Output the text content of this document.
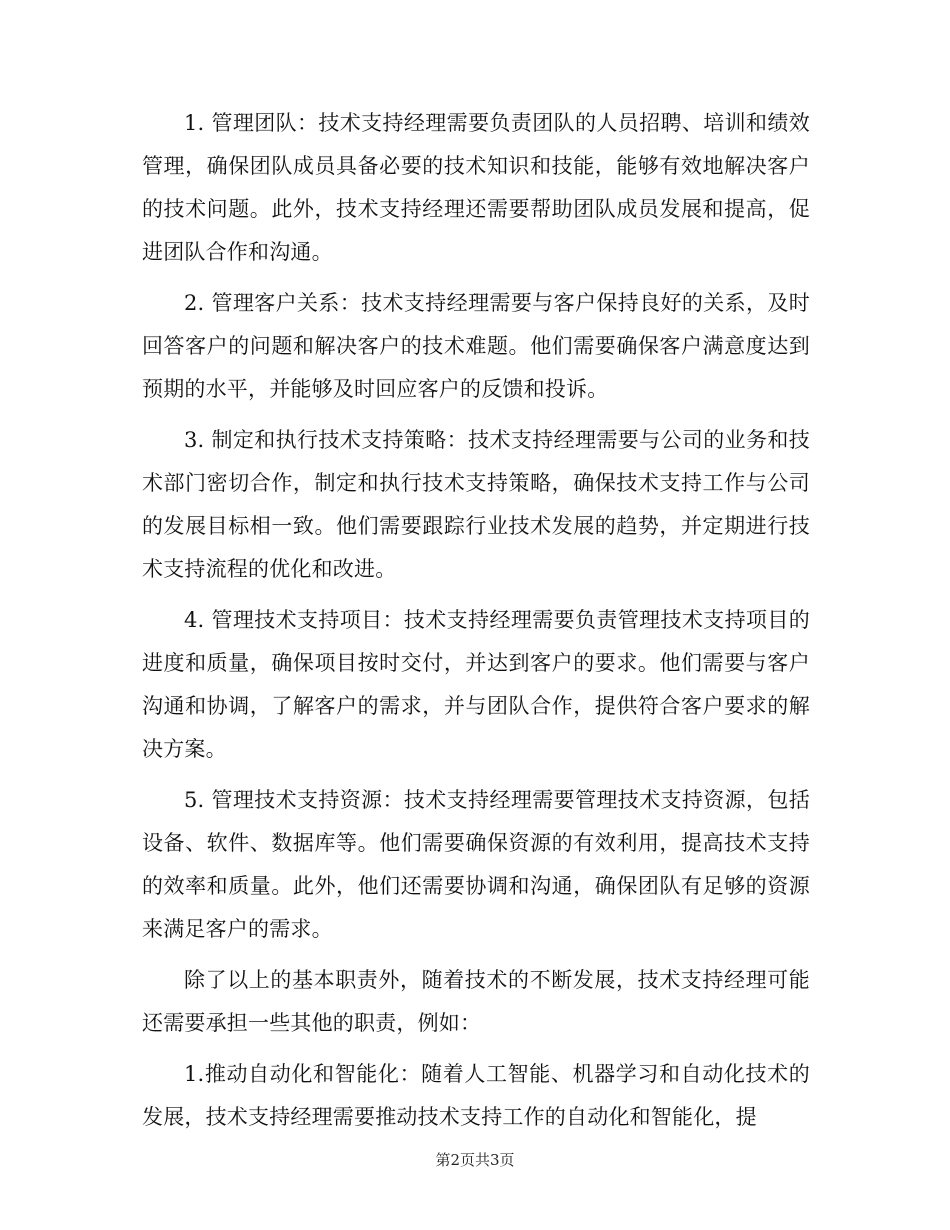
1. 管理团队：技术支持经理需要负责团队的人员招聘、培训和绩效管理，确保团队成员具备必要的技术知识和技能，能够有效地解决客户的技术问题。此外，技术支持经理还需要帮助团队成员发展和提高，促进团队合作和沟通。

2. 管理客户关系：技术支持经理需要与客户保持良好的关系，及时回答客户的问题和解决客户的技术难题。他们需要确保客户满意度达到预期的水平，并能够及时回应客户的反馈和投诉。

3. 制定和执行技术支持策略：技术支持经理需要与公司的业务和技术部门密切合作，制定和执行技术支持策略，确保技术支持工作与公司的发展目标相一致。他们需要跟踪行业技术发展的趋势，并定期进行技术支持流程的优化和改进。

4. 管理技术支持项目：技术支持经理需要负责管理技术支持项目的进度和质量，确保项目按时交付，并达到客户的要求。他们需要与客户沟通和协调，了解客户的需求，并与团队合作，提供符合客户要求的解决方案。

5. 管理技术支持资源：技术支持经理需要管理技术支持资源，包括设备、软件、数据库等。他们需要确保资源的有效利用，提高技术支持的效率和质量。此外，他们还需要协调和沟通，确保团队有足够的资源来满足客户的需求。

除了以上的基本职责外，随着技术的不断发展，技术支持经理可能还需要承担一些其他的职责，例如：

1.推动自动化和智能化：随着人工智能、机器学习和自动化技术的发展，技术支持经理需要推动技术支持工作的自动化和智能化，提

第2页共3页
